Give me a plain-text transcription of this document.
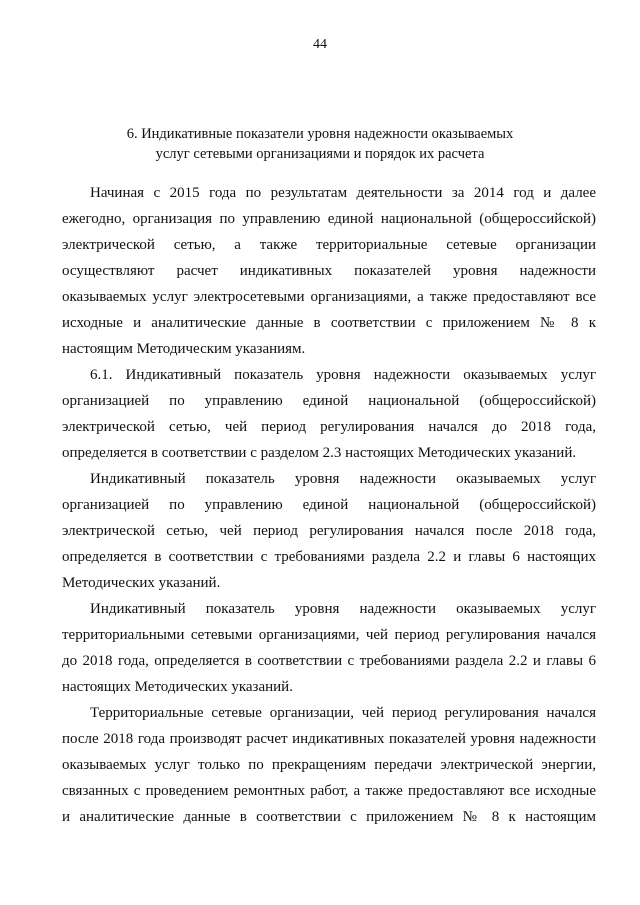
44
6. Индикативные показатели уровня надежности оказываемых
услуг сетевыми организациями и порядок их расчета
Начиная с 2015 года по результатам деятельности за 2014 год и далее
ежегодно, организация по управлению единой национальной (общероссийской)
электрической сетью, а также территориальные сетевые организации
осуществляют расчет индикативных показателей уровня надежности
оказываемых услуг электросетевыми организациями, а также предоставляют все
исходные и аналитические данные в соответствии с приложением № 8 к
настоящим Методическим указаниям.
6.1. Индикативный показатель уровня надежности оказываемых услуг
организацией по управлению единой национальной (общероссийской)
электрической сетью, чей период регулирования начался до 2018 года,
определяется в соответствии с разделом 2.3 настоящих Методических указаний.
Индикативный показатель уровня надежности оказываемых услуг
организацией по управлению единой национальной (общероссийской)
электрической сетью, чей период регулирования начался после 2018 года,
определяется в соответствии с требованиями раздела 2.2 и главы 6 настоящих
Методических указаний.
Индикативный показатель уровня надежности оказываемых услуг
территориальными сетевыми организациями, чей период регулирования начался
до 2018 года, определяется в соответствии с требованиями раздела 2.2 и главы 6
настоящих Методических указаний.
Территориальные сетевые организации, чей период регулирования начался
после 2018 года производят расчет индикативных показателей уровня надежности
оказываемых услуг только по прекращениям передачи электрической энергии,
связанных с проведением ремонтных работ, а также предоставляют все исходные
и аналитические данные в соответствии с приложением № 8 к настоящим
